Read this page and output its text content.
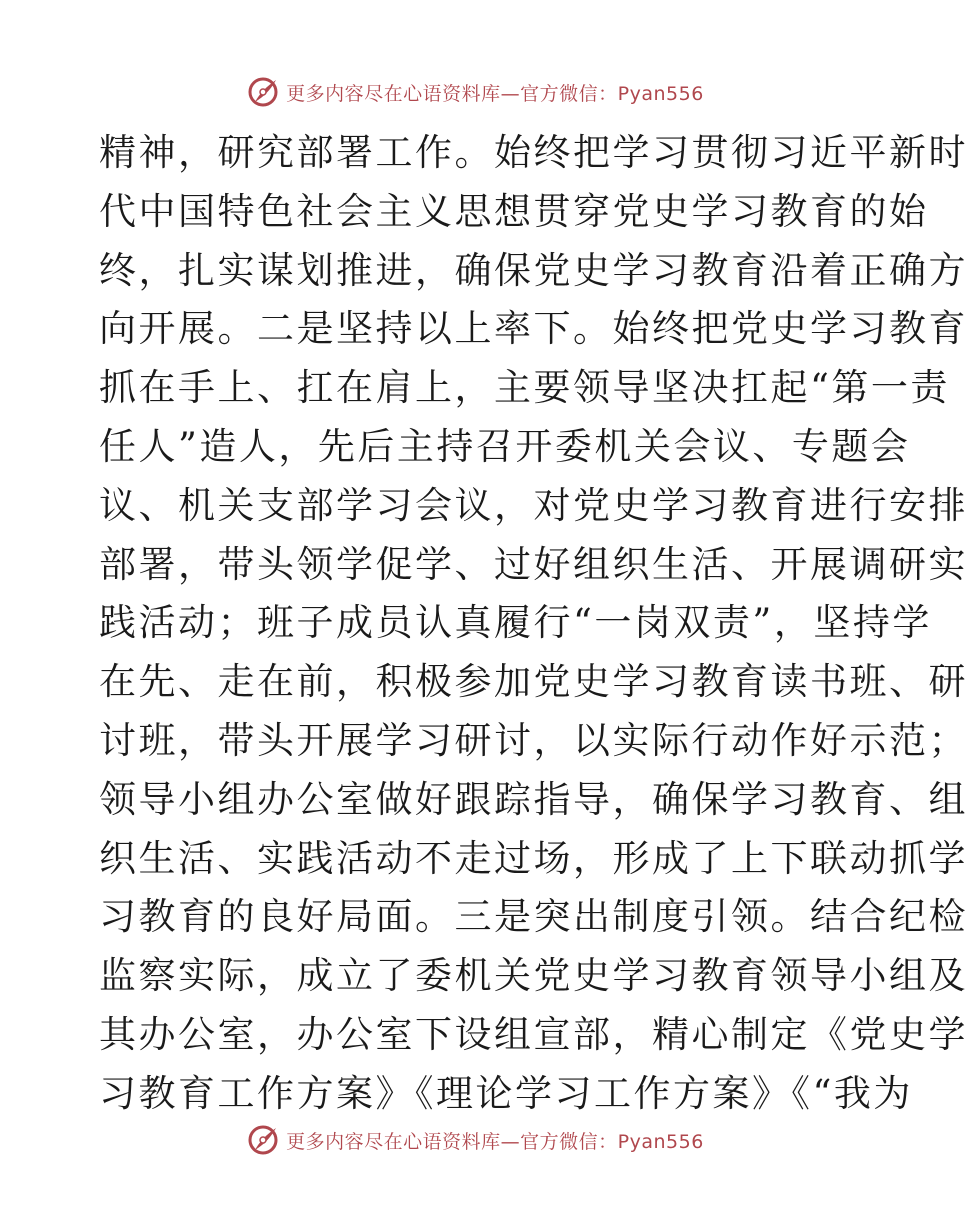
更多内容尽在心语资料库—官方微信：Pyan556
精神，研究部署工作。始终把学习贯彻习近平新时
代中国特色社会主义思想贯穿党史学习教育的始
终，扎实谋划推进，确保党史学习教育沿着正确方
向开展。二是坚持以上率下。始终把党史学习教育
抓在手上、扛在肩上，主要领导坚决扛起“第一责
任人”造人，先后主持召开委机关会议、专题会
议、机关支部学习会议，对党史学习教育进行安排
部署，带头领学促学、过好组织生活、开展调研实
践活动；班子成员认真履行“一岗双责”，坚持学
在先、走在前，积极参加党史学习教育读书班、研
讨班，带头开展学习研讨，以实际行动作好示范；
领导小组办公室做好跟踪指导，确保学习教育、组
织生活、实践活动不走过场，形成了上下联动抓学
习教育的良好局面。三是突出制度引领。结合纪检
监察实际，成立了委机关党史学习教育领导小组及
其办公室，办公室下设组宣部，精心制定《党史学
习教育工作方案》《理论学习工作方案》《“我为
更多内容尽在心语资料库—官方微信：Pyan556
